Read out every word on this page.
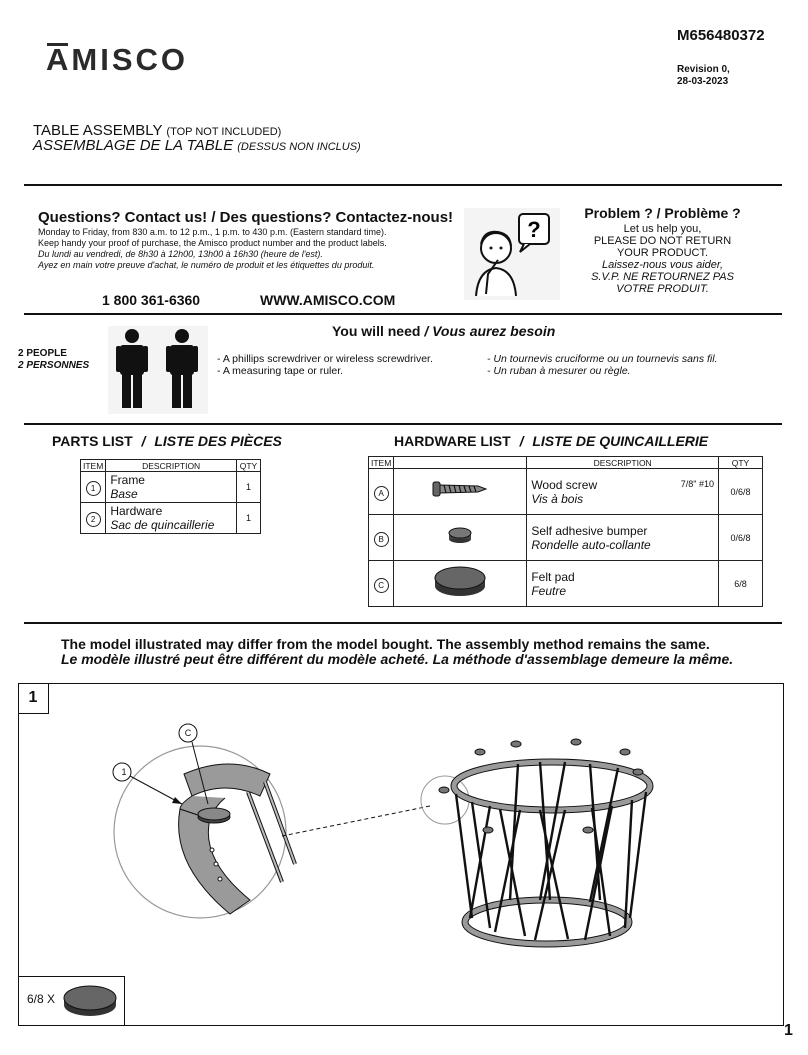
AMISCO
M656480372
Revision 0,
28-03-2023
TABLE ASSEMBLY (TOP NOT INCLUDED)
ASSEMBLAGE DE LA TABLE (DESSUS NON INCLUS)
Questions? Contact us! / Des questions? Contactez-nous!
Monday to Friday, from 830 a.m. to 12 p.m., 1 p.m. to 430 p.m. (Eastern standard time).
Keep handy your proof of purchase, the Amisco product number and the product labels.
Du lundi au vendredi, de 8h30 à 12h00, 13h00 à 16h30 (heure de l'est).
Ayez en main votre preuve d'achat, le numéro de produit et les étiquettes du produit.
1 800 361-6360	WWW.AMISCO.COM
?
Problem ? / Problème ?
Let us help you,
PLEASE DO NOT RETURN
YOUR PRODUCT.
Laissez-nous vous aider,
S.V.P. NE RETOURNEZ PAS
VOTRE PRODUIT.
You will need / Vous aurez besoin
2 PEOPLE
2 PERSONNES
- A phillips screwdriver or wireless screwdriver.
- A measuring tape or ruler.
- Un tournevis cruciforme ou un tournevis sans fil.
- Un ruban à mesurer ou règle.
PARTS LIST / LISTE DES PIÈCES
ITEM	DESCRIPTION	QTY
1	Frame
Base	1
2	Hardware
Sac de quincaillerie	1
HARDWARE LIST / LISTE DE QUINCAILLERIE
ITEM		DESCRIPTION	QTY
A		Wood screw
Vis à bois
7/8" #10	0/6/8
B		Self adhesive bumper
Rondelle auto-collante	0/6/8
C		Felt pad
Feutre	6/8
The model illustrated may differ from the model bought. The assembly method remains the same.
Le modèle illustré peut être différent du modèle acheté. La méthode d'assemblage demeure la même.
1
1
C
6/8 X
1
